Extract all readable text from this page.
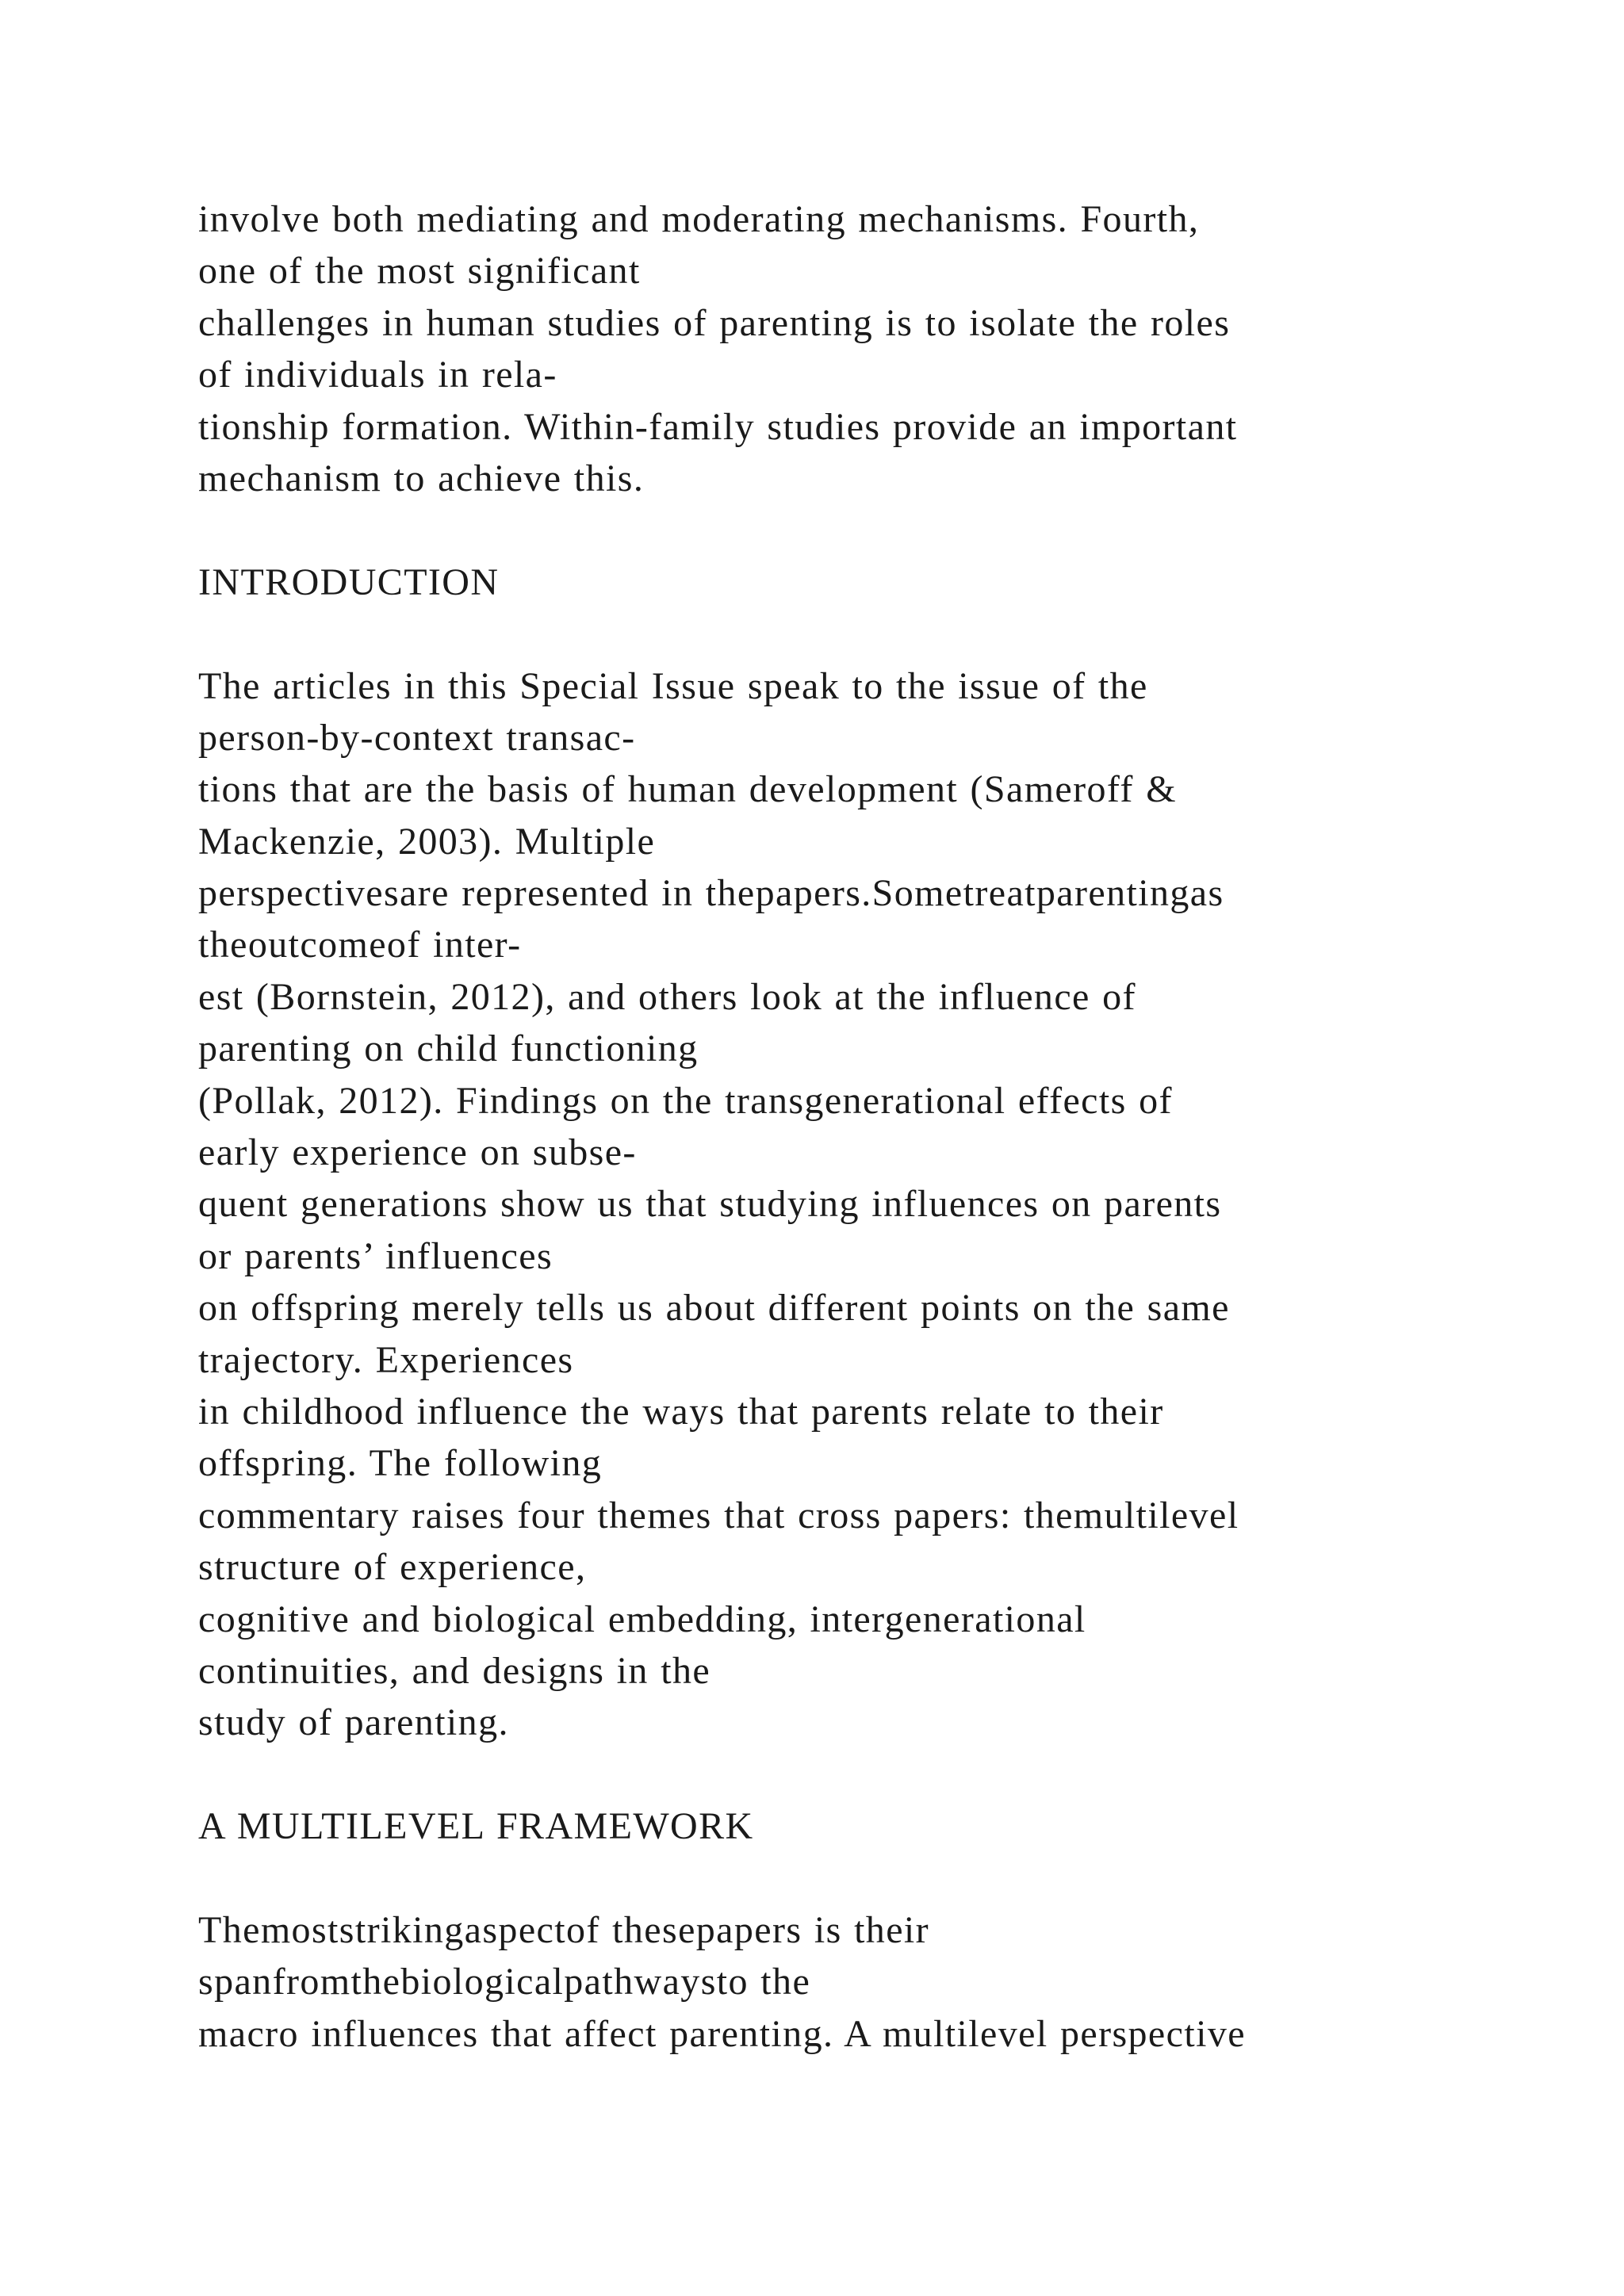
involve both mediating and moderating mechanisms. Fourth,
one of the most significant
challenges in human studies of parenting is to isolate the roles
of individuals in rela-
tionship formation. Within-family studies provide an important
mechanism to achieve this.
INTRODUCTION
The articles in this Special Issue speak to the issue of the
person-by-context transac-
tions that are the basis of human development (Sameroff &
Mackenzie, 2003). Multiple
perspectivesare represented in thepapers.Sometreatparentingas
theoutcomeof inter-
est (Bornstein, 2012), and others look at the influence of
parenting on child functioning
(Pollak, 2012). Findings on the transgenerational effects of
early experience on subse-
quent generations show us that studying influences on parents
or parents’ influences
on offspring merely tells us about different points on the same
trajectory. Experiences
in childhood influence the ways that parents relate to their
offspring. The following
commentary raises four themes that cross papers: themultilevel
structure of experience,
cognitive and biological embedding, intergenerational
continuities, and designs in the
study of parenting.
A MULTILEVEL FRAMEWORK
Themoststrikingaspectof thesepapers is their
spanfromthebiologicalpathwaysto the
macro influences that affect parenting. A multilevel perspective
